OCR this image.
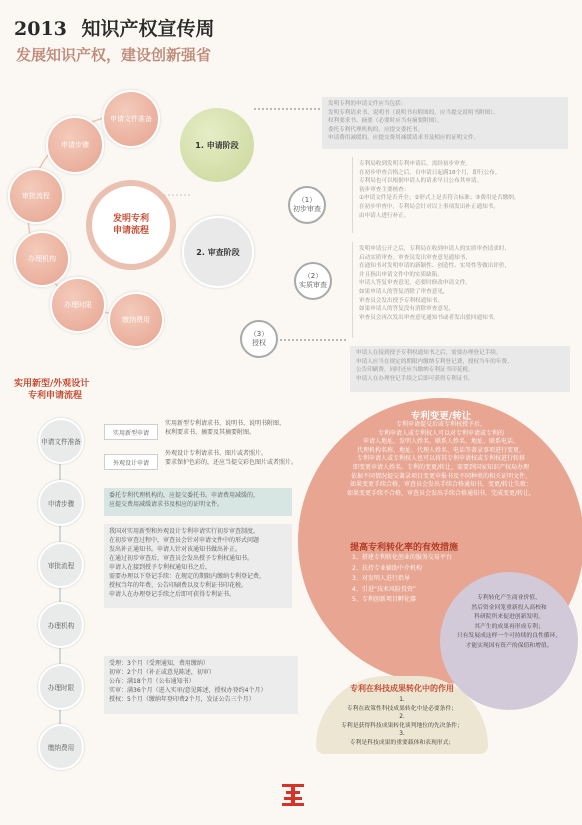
2013 知识产权宣传周
发展知识产权，建设创新强省
申请文件准备
申请步骤
审批流程
办理机构
办理时限
缴纳费用
发明专利
申请流程
1. 申请阶段
发明专利的申请文件应当包括：
发明专利请求书、说明书（说明书有附图的，应当提交说明书附图）、
权利要求书、摘要（必要时应当有摘要附图），
委托专利代理机构的，应提交委托书。
申请费用减缓的，应提交费用减缓请求书及相应的证明文件。
2. 审查阶段
（1）
初步审查
专利局收到发明专利申请后，需经初步审查。
在初步审查合格之后，自申请日起满18个月，即行公布。
专利局也可以根据申请人的请求早日公布其申请。
初步审查主要核查：
①申请文件是否齐全；②形式上是否符合标准；③费用是否缴纳。
在初步审查中，专利局会针对以上事项发出补正通知书，
由申请人进行补正。
（2）
实质审查
发明申请公开之后，专利局在收到申请人的实质审查请求时，
启动实质审查。审查员发出审查意见通知书，
在通知书对发明申请的新颖性、创造性、实用性等做出评价，
并且指出申请文件中的实质缺陷。
申请人答复审查意见，必要时修改申请文件。
如果申请人的答复消除了审查意见，
审查员会发出授予专利权通知书。
如果申请人的答复没有消除审查意见，
审查员会再次发出审查意见通知书或者发出驳回通知书。
（3）
授权
申请人在接到授予专利权通知书之后，需要办理登记手续。
申请人应当在规定的期限内缴纳专利登记费，授权当年的年费、
公告印刷费，同时还应当缴纳专利证书印花税。
申请人在办理登记手续之后即可获得专利证书。
实用新型/外观设计
专利申请流程
申请文件准备
申请步骤
审批流程
办理机构
办理时限
缴纳费用
实用新型申请
实用新型专利请求书、说明书、说明书附图、
权利要求书、摘要及其摘要附图。
外观设计申请
外观设计专利请求书、图片或者照片。
要求保护色彩的，还应当提交彩色图片或者照片。
委托专利代理机构的，应提交委托书。申请费用减缓的，
应提交费用减缓请求书及相应的证明文件。
我国对实用新型和外观设计专利申请实行初步审查制度。
在初步审查过程中，审查员会针对申请文件中的形式问题
发出补正通知书。申请人针对该通知书做出补正。
在通过初步审查后，审查员会发出授予专利权通知书。
申请人在接到授予专利权通知书之后，
需要办理以下登记手续：在规定的期限内缴纳专利登记费，
授权当年的年费、公告印刷费以及专利证书印花税。
申请人在办理登记手续之后即可获得专利证书。
受理：3个月（受理通知，费用缴纳）
初审：2个月（补正或意见陈述，初审）
公布：满18个月（公布通知书）
实审：满36个月（进入实审/意见陈述，授权办登约4个月）
授权：5个月（缴纳年登印费2个月，发证公告三个月）
专利变更/转让
专利申请提交后或专利权授予后，
专利申请人或专利权人可以对专利申请或专利的
申请人地址、发明人姓名、联系人姓名、地址、联系电话、
代理机构名称、地址、代理人姓名、电话等著录事项进行变更，
专利申请人或专利权人也可以将其专利申请权或专利权进行转移
即变更申请人姓名。专利的变更/转让，需要到国家知识产权局办理
依据不同情况提交著录项目变更申报书及不同种类的相关证明文件，
如果变更手续合格，审查员会发出手续合格通知书，变更/转让失败：
如果变更手续不合格，审查员会发出手续合格通知书，完成变更/转让。
提高专利转化率的有效措施
1、搭建专利转化创业的服务交易平台
2、扶持专业辅助中介机构
3、对发明人进行指导
4、引进“技术风险投资”
5、专利创新项目孵化器	专利转化产生商业价值，
然后资金回笼重新投入高校和
科研院所来促进创新发明，
其产生的成果再形成专利；
只有发展成这样一个可持续的良性循环，
才能实现国有资产的保值和增值。
专利在科技成果转化中的作用
1.
专利在政策性科技成果转化中是必要条件；
2.
专利是获得科技成果转化谈判地位的先决条件；
3.
专利是科技成果的重要载体和表现形式；
